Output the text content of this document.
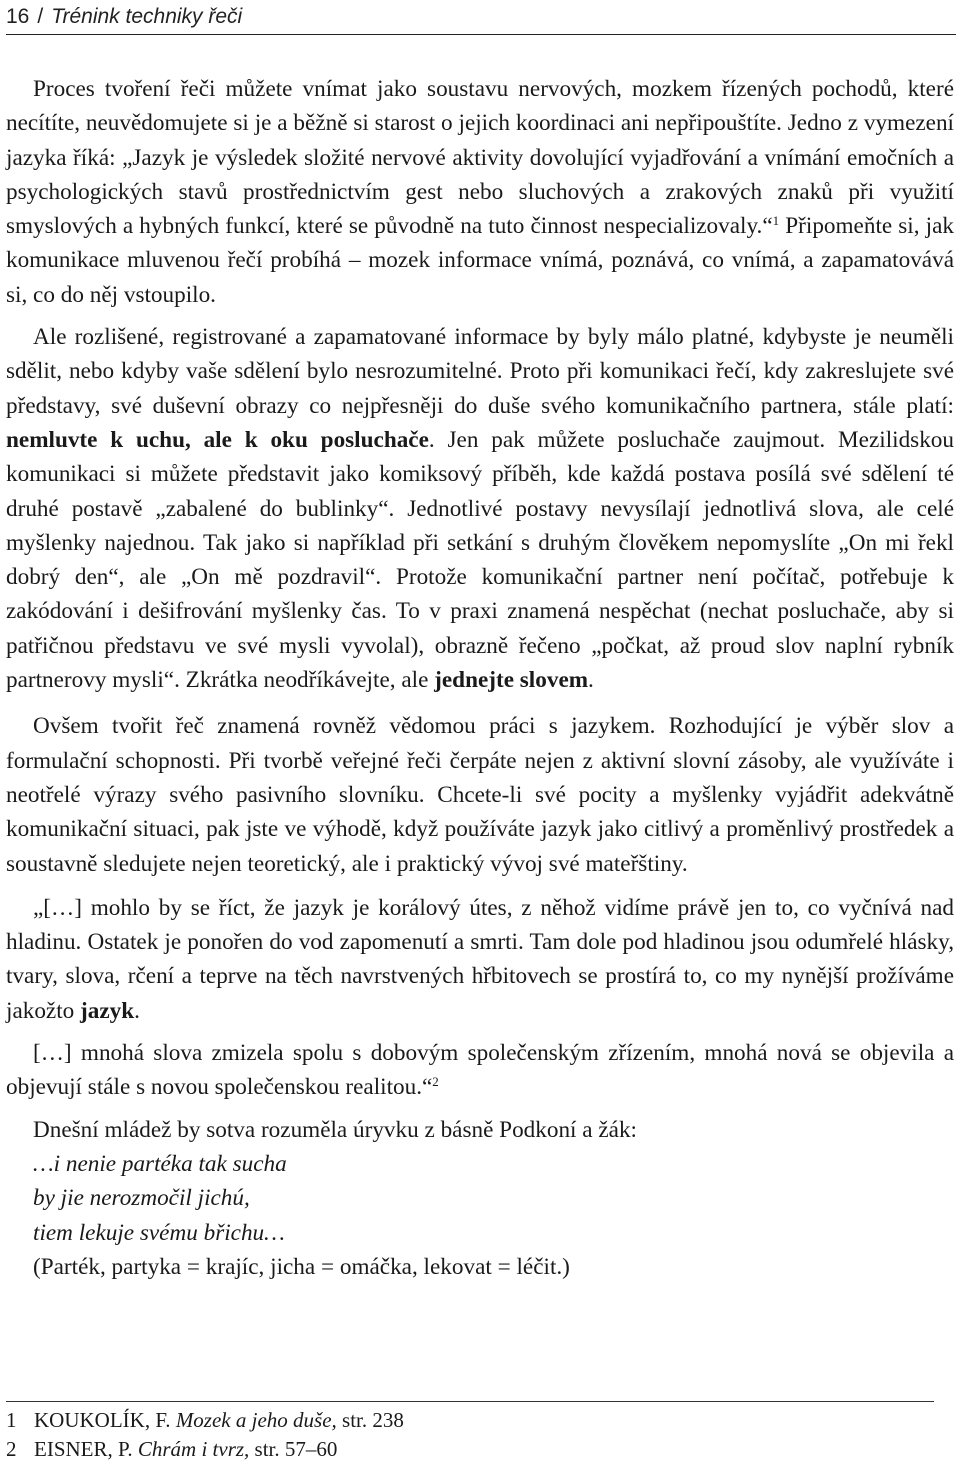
16 / Trénink techniky řeči

Proces tvoření řeči můžete vnímat jako soustavu nervových, mozkem řízených pochodů, které necítíte, neuvědomujete si je a běžně si starost o jejich koordinaci ani nepřipouštíte. Jedno z vymezení jazyka říká: „Jazyk je výsledek složité nervové aktivity dovolující vyjadřování a vnímání emočních a psychologických stavů prostřednictvím gest nebo sluchových a zrakových znaků při využití smyslových a hybných funkcí, které se původně na tuto činnost nespecializovaly.“$^1$ Připomeňte si, jak komunikace mluvenou řečí probíhá – mozek informace vnímá, poznává, co vnímá, a zapamatovává si, co do něj vstoupilo.

Ale rozlišené, registrované a zapamatované informace by byly málo platné, kdybyste je neuměli sdělit, nebo kdyby vaše sdělení bylo nesrozumitelné. Proto při komunikaci řečí, kdy zakreslujete své představy, své duševní obrazy co nejpřesněji do duše svého komunikačního partnera, stále platí: nemluvte k uchu, ale k oku posluchače. Jen pak můžete posluchače zaujmout. Mezilidskou komunikaci si můžete představit jako komiksový příběh, kde každá postava posílá své sdělení té druhé postavě „zabalené do bublinky“. Jednotlivé postavy nevysílají jednotlivá slova, ale celé myšlenky najednou. Tak jako si například při setkání s druhým člověkem nepomyslíte „On mi řekl dobrý den“, ale „On mě pozdravil“. Protože komunikační partner není počítač, potřebuje k zakódování i dešifrování myšlenky čas. To v praxi znamená nespěchat (nechat posluchače, aby si patřičnou představu ve své mysli vyvolal), obrazně řečeno „počkat, až proud slov naplní rybník partnerovy mysli“. Zkrátka neodříkávejte, ale jednejte slovem.

Ovšem tvořit řeč znamená rovněž vědomou práci s jazykem. Rozhodující je výběr slov a formulační schopnosti. Při tvorbě veřejné řeči čerpáte nejen z aktivní slovní zásoby, ale využíváte i neotřelé výrazy svého pasivního slovníku. Chcete-li své pocity a myšlenky vyjádřit adekvátně komunikační situaci, pak jste ve výhodě, když používáte jazyk jako citlivý a proměnlivý prostředek a soustavně sledujete nejen teoretický, ale i praktický vývoj své mateřštiny.

„[…] mohlo by se říct, že jazyk je korálový útes, z něhož vidíme právě jen to, co vyčnívá nad hladinu. Ostatek je ponořen do vod zapomenutí a smrti. Tam dole pod hladinou jsou odumřelé hlásky, tvary, slova, rčení a teprve na těch navrstvených hřbitovech se prostírá to, co my nynější prožíváme jakožto jazyk.

[…] mnohá slova zmizela spolu s dobovým společenským zřízením, mnohá nová se objevila a objevují stále s novou společenskou realitou.“$^2$

Dnešní mládež by sotva rozuměla úryvku z básně Podkoní a žák:

…i nenie partéka tak sucha
by jie nerozmočil jichú,
tiem lekuje svému břichu…
(Parték, partyka = krajíc, jicha = omáčka, lekovat = léčit.)
1 KOUKOLÍK, F. Mozek a jeho duše, str. 238
2 EISNER, P. Chrám i tvrz, str. 57–60
